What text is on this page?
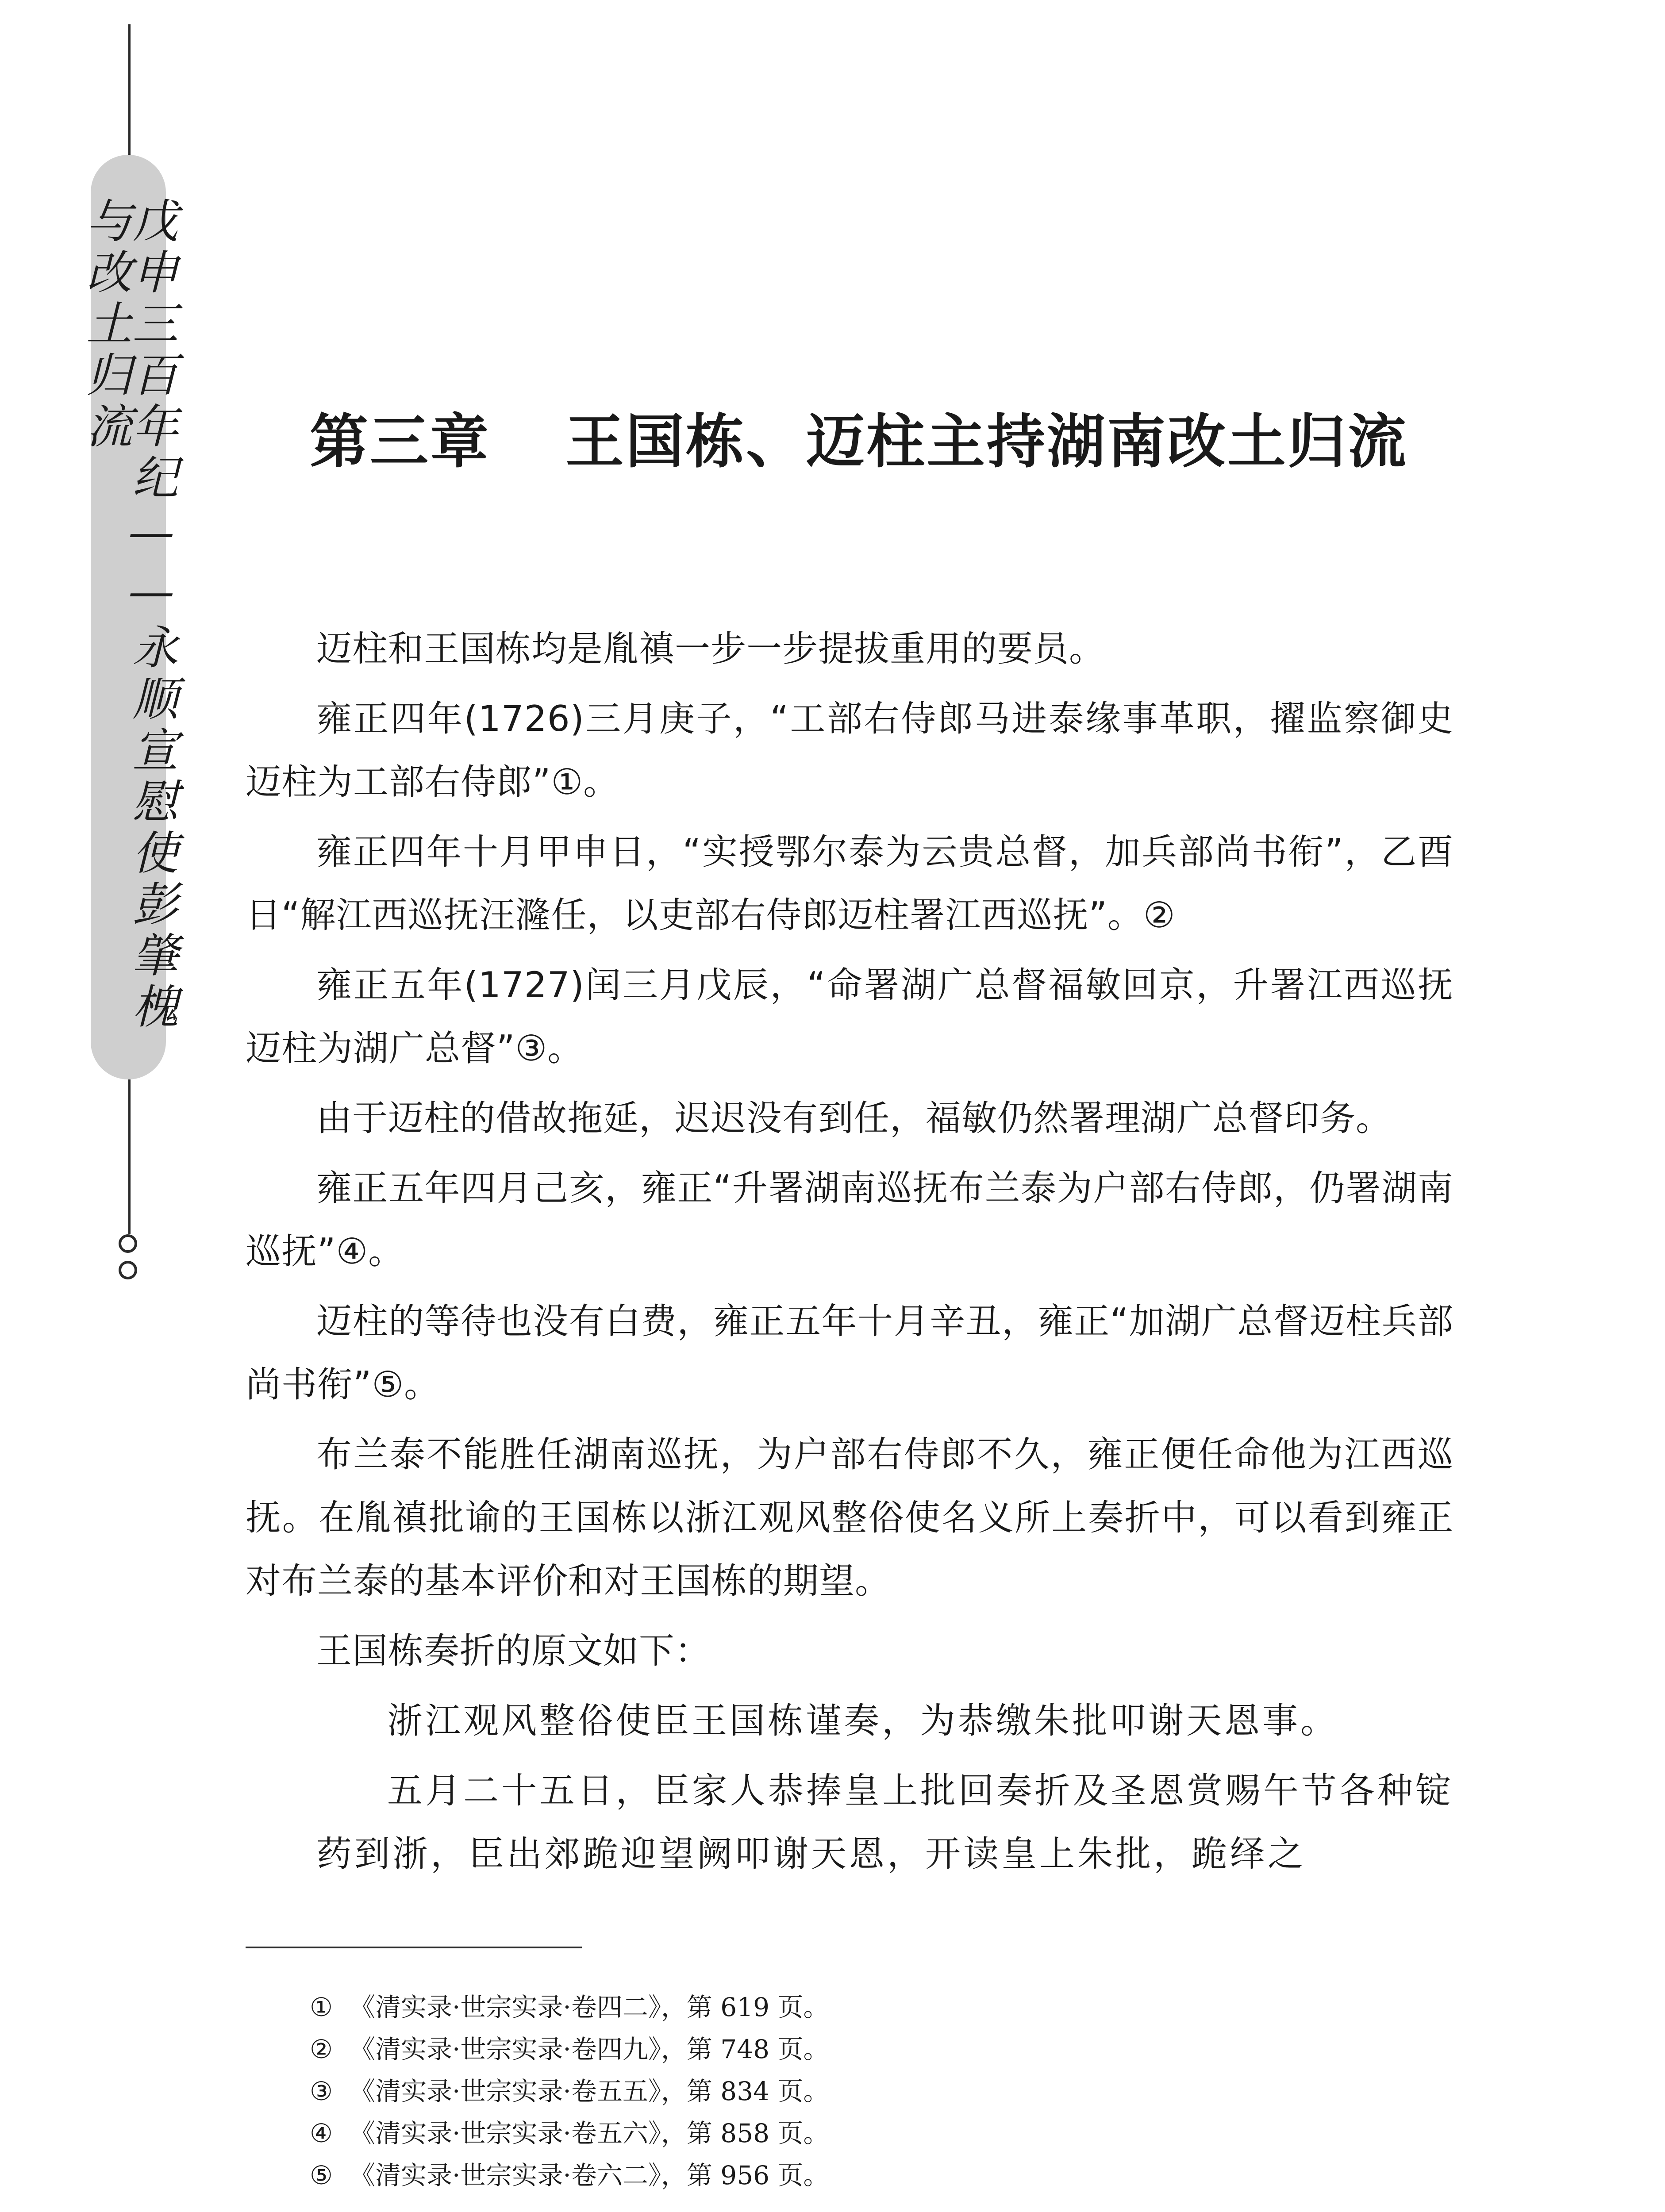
戊申三百年纪——永顺宣慰使彭肇槐与改土归流	第三章 王国栋、迈柱主持湖南改土归流

迈柱和王国栋均是胤禛一步一步提拔重用的要员。

雍正四年(1726)三月庚子，“工部右侍郎马进泰缘事革职，擢监察御史迈柱为工部右侍郎”①。

雍正四年十月甲申日，“实授鄂尔泰为云贵总督，加兵部尚书衔”，乙酉日“解江西巡抚汪漋任，以吏部右侍郎迈柱署江西巡抚”。②

雍正五年(1727)闰三月戊辰，“命署湖广总督福敏回京，升署江西巡抚迈柱为湖广总督”③。

由于迈柱的借故拖延，迟迟没有到任，福敏仍然署理湖广总督印务。

雍正五年四月己亥，雍正“升署湖南巡抚布兰泰为户部右侍郎，仍署湖南巡抚”④。

迈柱的等待也没有白费，雍正五年十月辛丑，雍正“加湖广总督迈柱兵部尚书衔”⑤。

布兰泰不能胜任湖南巡抚，为户部右侍郎不久，雍正便任命他为江西巡抚。在胤禛批谕的王国栋以浙江观风整俗使名义所上奏折中，可以看到雍正对布兰泰的基本评价和对王国栋的期望。

王国栋奏折的原文如下：

浙江观风整俗使臣王国栋谨奏，为恭缴朱批叩谢天恩事。

五月二十五日，臣家人恭捧皇上批回奏折及圣恩赏赐午节各种锭药到浙，臣出郊跪迎望阙叩谢天恩，开读皇上朱批，跪绎之

① 《清实录·世宗实录·卷四二》，第 619 页。
② 《清实录·世宗实录·卷四九》，第 748 页。
③ 《清实录·世宗实录·卷五五》，第 834 页。
④ 《清实录·世宗实录·卷五六》，第 858 页。
⑤ 《清实录·世宗实录·卷六二》，第 956 页。
